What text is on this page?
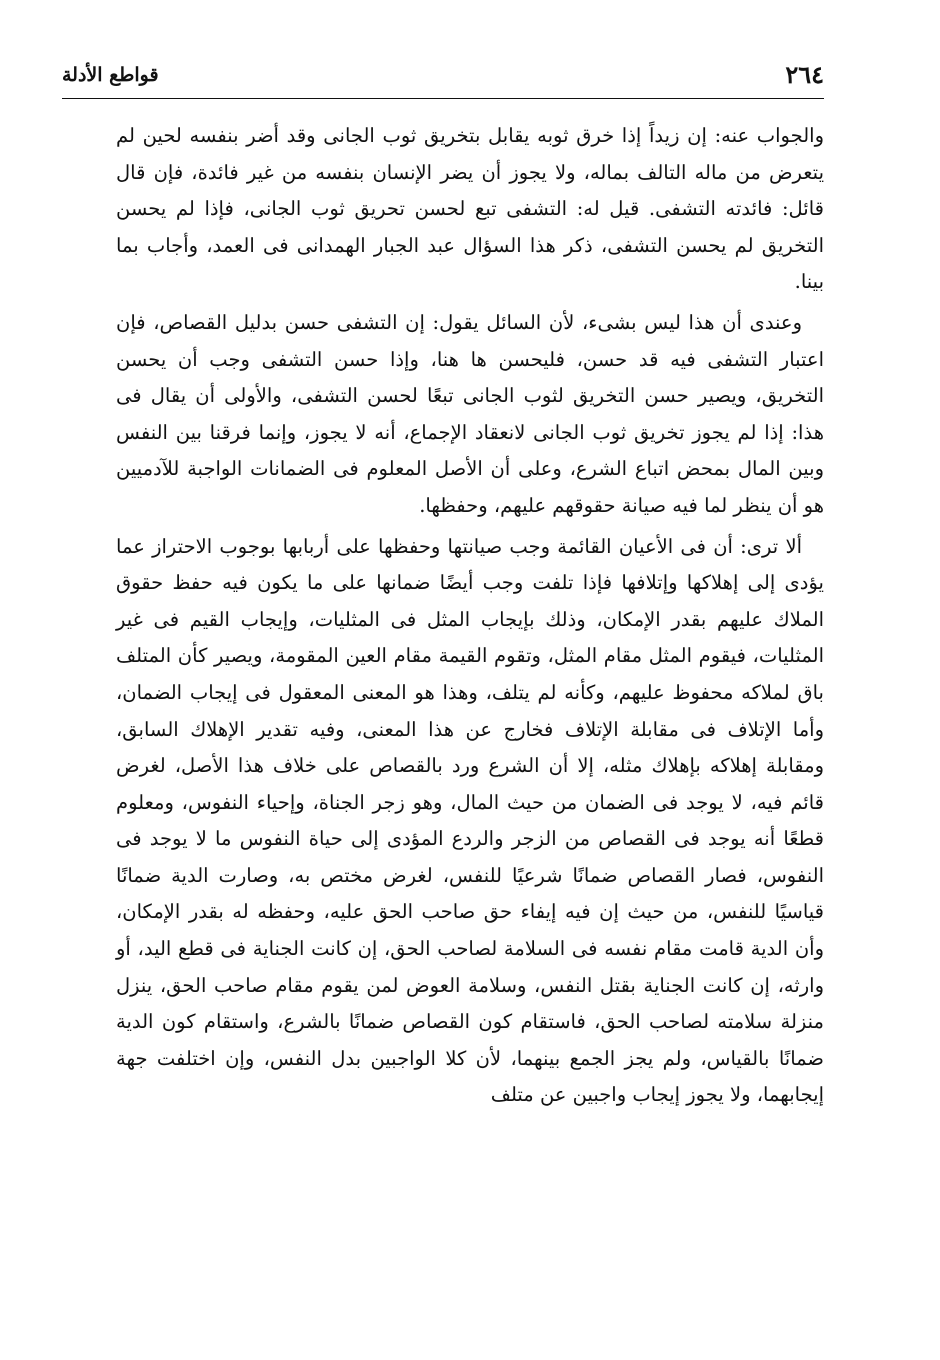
٢٦٤
قواطع الأدلة

والجواب عنه: إن زيداً إذا خرق ثوبه يقابل بتخريق ثوب الجانى وقد أضر بنفسه لحين لم يتعرض من ماله التالف بماله، ولا يجوز أن يضر الإنسان بنفسه من غير فائدة، فإن قال قائل: فائدته التشفى. قيل له: التشفى تبع لحسن تحريق ثوب الجانى، فإذا لم يحسن التخريق لم يحسن التشفى، ذكر هذا السؤال عبد الجبار الهمدانى فى العمد، وأجاب بما بينا.

وعندى أن هذا ليس بشىء، لأن السائل يقول: إن التشفى حسن بدليل القصاص، فإن اعتبار التشفى فيه قد حسن، فليحسن ها هنا، وإذا حسن التشفى وجب أن يحسن التخريق، ويصير حسن التخريق لثوب الجانى تبعًا لحسن التشفى، والأولى أن يقال فى هذا: إذا لم يجوز تخريق ثوب الجانى لانعقاد الإجماع، أنه لا يجوز، وإنما فرقنا بين النفس وبين المال بمحض اتباع الشرع، وعلى أن الأصل المعلوم فى الضمانات الواجبة للآدميين هو أن ينظر لما فيه صيانة حقوقهم عليهم، وحفظها.

ألا ترى: أن فى الأعيان القائمة وجب صيانتها وحفظها على أربابها بوجوب الاحتراز عما يؤدى إلى إهلاكها وإتلافها فإذا تلفت وجب أيضًا ضمانها على ما يكون فيه حفظ حقوق الملاك عليهم بقدر الإمكان، وذلك بإيجاب المثل فى المثليات، وإيجاب القيم فى غير المثليات، فيقوم المثل مقام المثل، وتقوم القيمة مقام العين المقومة، ويصير كأن المتلف باق لملاكه محفوظ عليهم، وكأنه لم يتلف، وهذا هو المعنى المعقول فى إيجاب الضمان، وأما الإتلاف فى مقابلة الإتلاف فخارج عن هذا المعنى، وفيه تقدير الإهلاك السابق، ومقابلة إهلاكه بإهلاك مثله، إلا أن الشرع ورد بالقصاص على خلاف هذا الأصل، لغرض قائم فيه، لا يوجد فى الضمان من حيث المال، وهو زجر الجناة، وإحياء النفوس، ومعلوم قطعًا أنه يوجد فى القصاص من الزجر والردع المؤدى إلى حياة النفوس ما لا يوجد فى النفوس، فصار القصاص ضمانًا شرعيًا للنفس، لغرض مختص به، وصارت الدية ضمانًا قياسيًا للنفس، من حيث إن فيه إيفاء حق صاحب الحق عليه، وحفظه له بقدر الإمكان، وأن الدية قامت مقام نفسه فى السلامة لصاحب الحق، إن كانت الجناية فى قطع اليد، أو وارثه، إن كانت الجناية بقتل النفس، وسلامة العوض لمن يقوم مقام صاحب الحق، ينزل منزلة سلامته لصاحب الحق، فاستقام كون القصاص ضمانًا بالشرع، واستقام كون الدية ضمانًا بالقياس، ولم يجز الجمع بينهما، لأن كلا الواجبين بدل النفس، وإن اختلفت جهة إيجابهما، ولا يجوز إيجاب واجبين عن متلف
